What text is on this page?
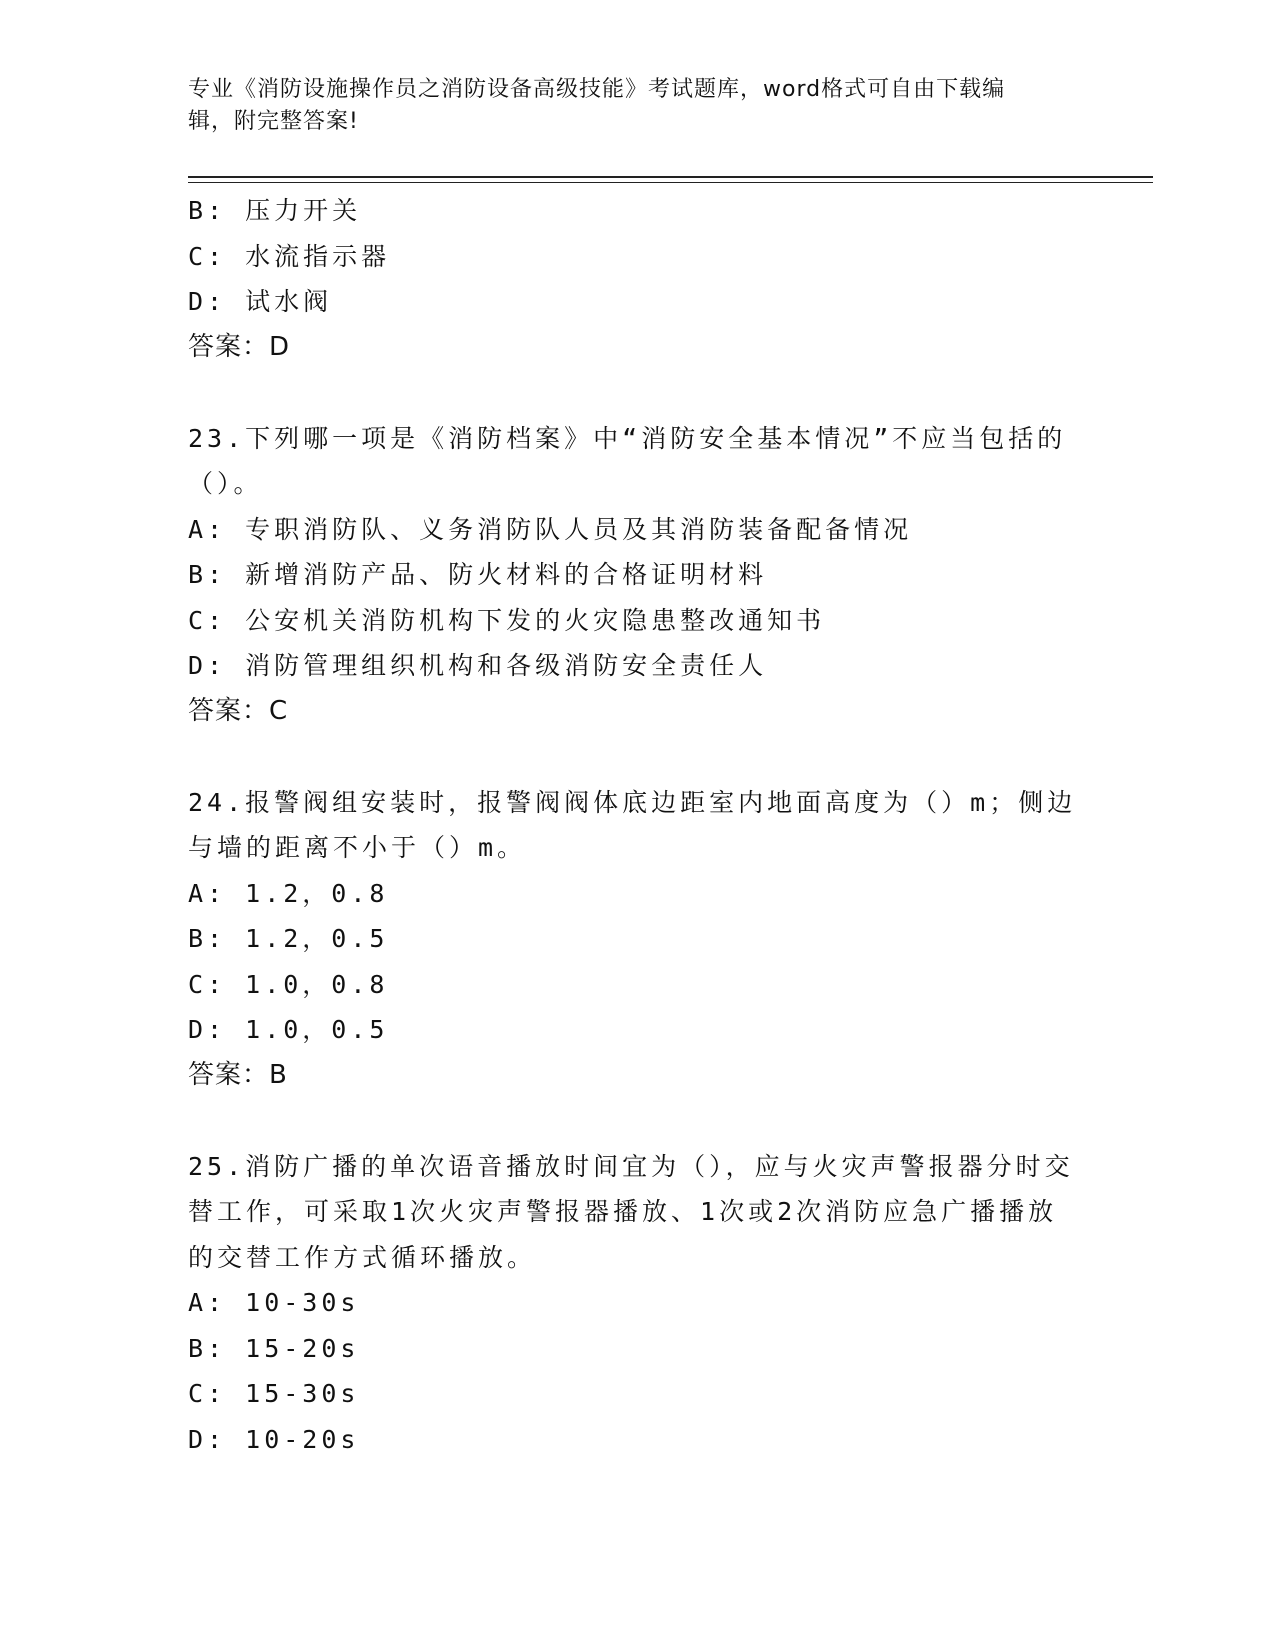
专业《消防设施操作员之消防设备高级技能》考试题库，word格式可自由下载编
辑，附完整答案!
B: 压力开关
C: 水流指示器
D: 试水阀
答案：D
23.下列哪一项是《消防档案》中“消防安全基本情况”不应当包括的
（）。
A: 专职消防队、义务消防队人员及其消防装备配备情况
B: 新增消防产品、防火材料的合格证明材料
C: 公安机关消防机构下发的火灾隐患整改通知书
D: 消防管理组织机构和各级消防安全责任人
答案：C
24.报警阀组安装时，报警阀阀体底边距室内地面高度为（）m；侧边
与墙的距离不小于（）m。
A: 1.2，0.8
B: 1.2，0.5
C: 1.0，0.8
D: 1.0，0.5
答案：B
25.消防广播的单次语音播放时间宜为（），应与火灾声警报器分时交
替工作，可采取1次火灾声警报器播放、1次或2次消防应急广播播放
的交替工作方式循环播放。
A: 10-30s
B: 15-20s
C: 15-30s
D: 10-20s
